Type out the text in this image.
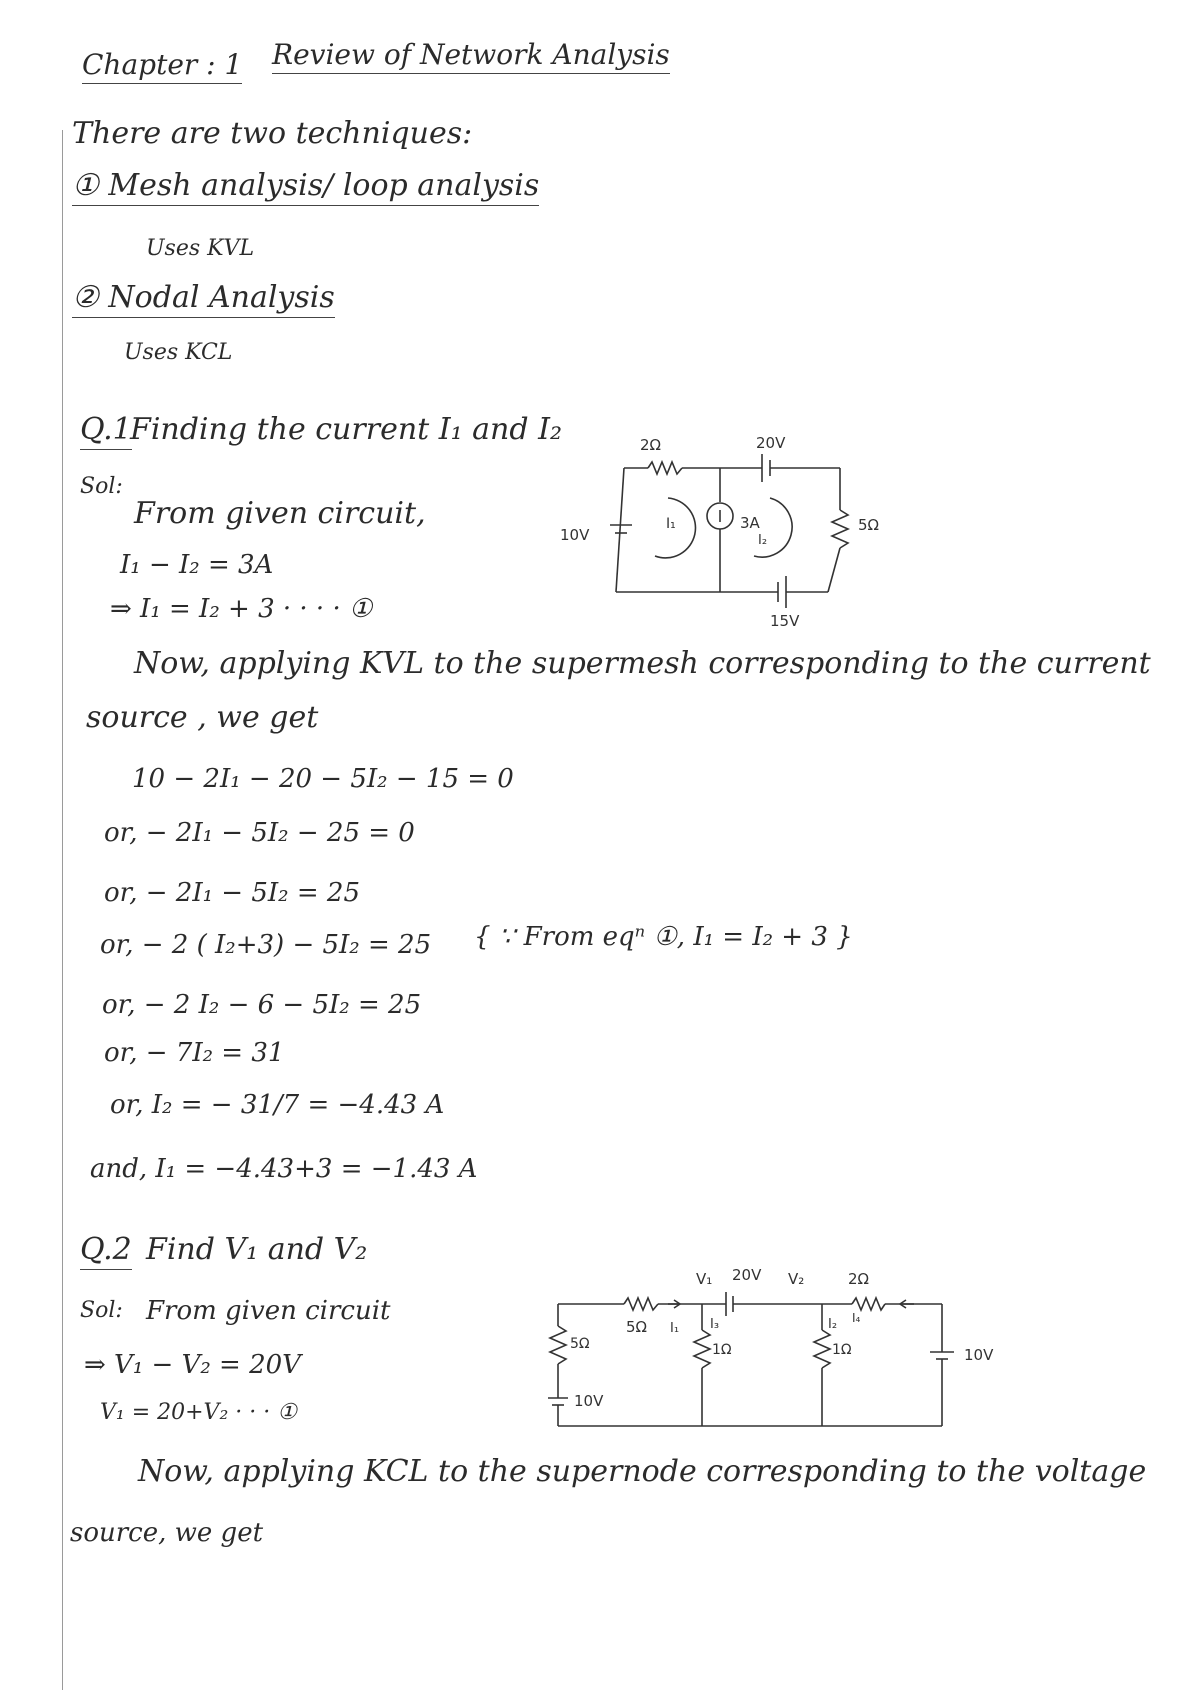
Chapter : 1 Review of Network Analysis
There are two techniques:
① Mesh analysis/ loop analysis
Uses KVL
② Nodal Analysis
Uses KCL
Q.1
Finding the current I₁ and I₂
Sol:
From given circuit,
I₁ − I₂ = 3A
⇒ I₁ = I₂ + 3 · · · · ①
Now, applying KVL to the supermesh corresponding to the current
source , we get
10 − 2I₁ − 20 − 5I₂ − 15 = 0
or, − 2I₁ − 5I₂ − 25 = 0
or, − 2I₁ − 5I₂ = 25
or, − 2 ( I₂+3) − 5I₂ = 25 { ∵ From eqⁿ ①, I₁ = I₂ + 3 }
or, − 2 I₂ − 6 − 5I₂ = 25
or, − 7I₂ = 31
or, I₂ = − 31/7 = −4.43 A
and, I₁ = −4.43+3 = −1.43 A
2Ω	20V
10V
I₁	3A
I₂
5Ω
15V
Q.2 Find V₁ and V₂
Sol: From given circuit
⇒ V₁ − V₂ = 20V
V₁ = 20+V₂ · · · ①
Now, applying KCL to the supernode corresponding to the voltage
source, we get
V₁ 20V V₂	2Ω
5Ω I₁ I₃	I₂ I₄
5Ω	1Ω	1Ω	10V
10V
